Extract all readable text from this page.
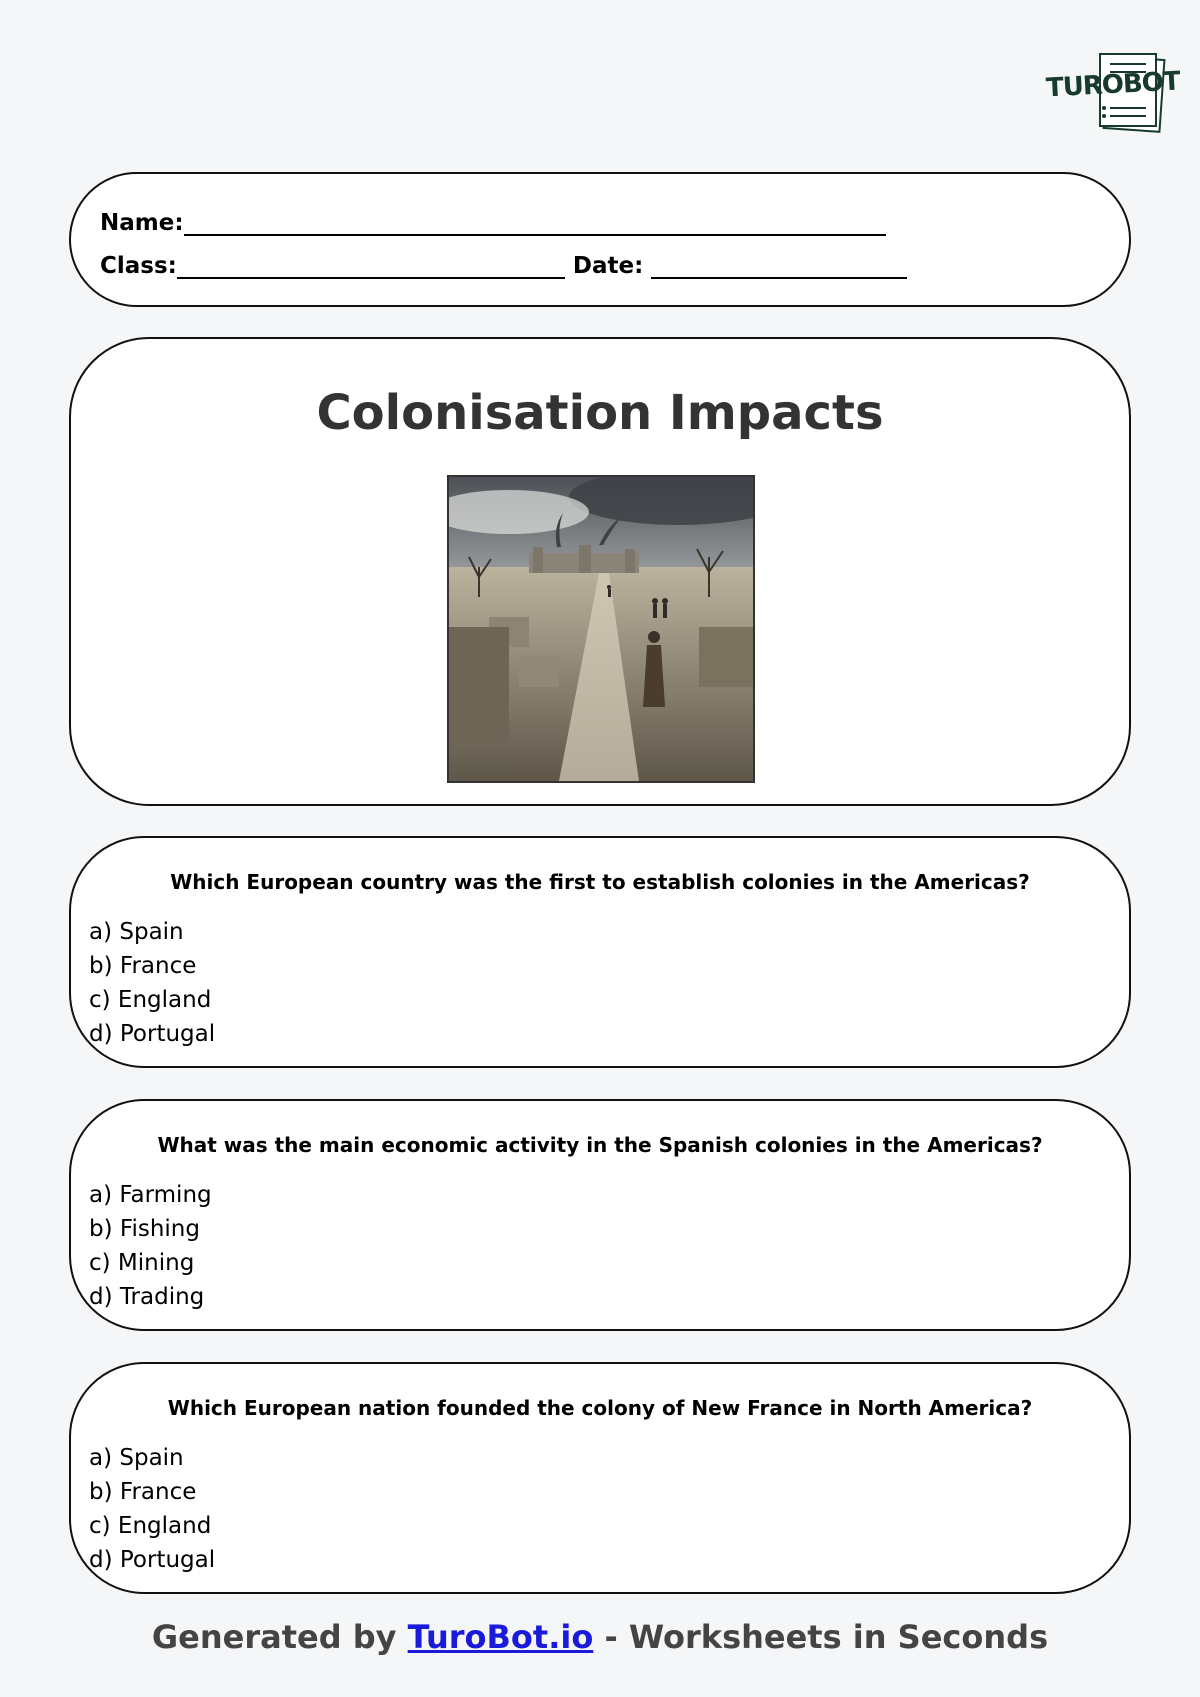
TUROBOT
Name:
Class:	Date:
Colonisation Impacts

Which European country was the first to establish colonies in the Americas?

a) Spain
b) France
c) England
d) Portugal

What was the main economic activity in the Spanish colonies in the Americas?

a) Farming
b) Fishing
c) Mining
d) Trading

Which European nation founded the colony of New France in North America?

a) Spain
b) France
c) England
d) Portugal
Generated by TuroBot.io - Worksheets in Seconds
